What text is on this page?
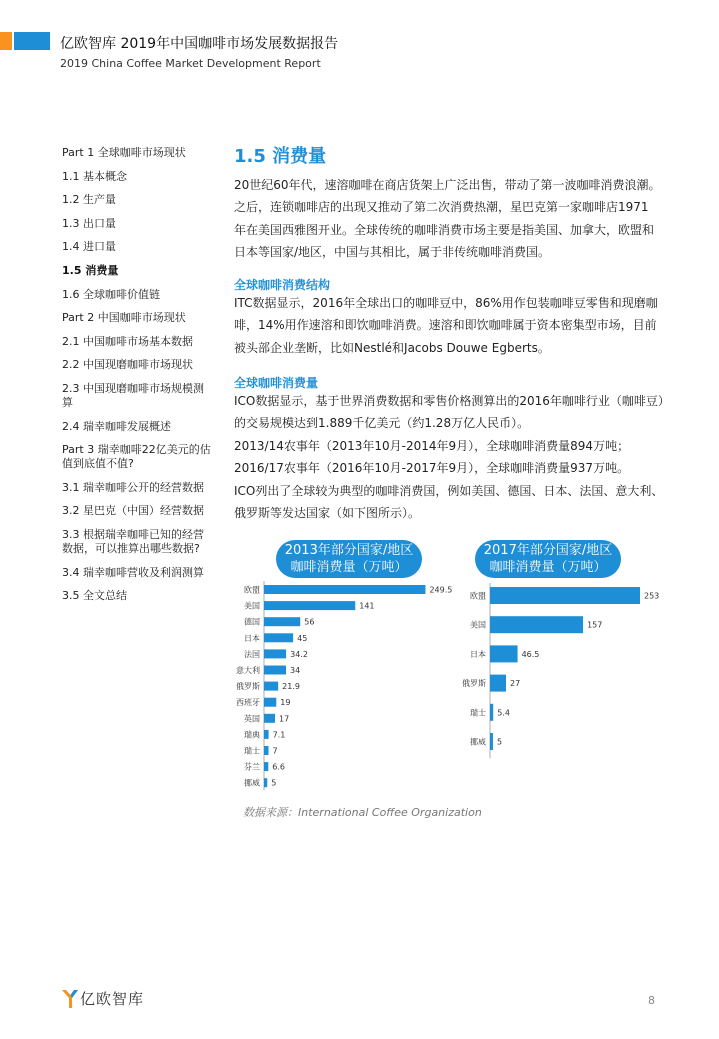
亿欧智库 2019年中国咖啡市场发展数据报告
2019 China Coffee Market Development Report
Part 1 全球咖啡市场现状
1.1 基本概念
1.2 生产量
1.3 出口量
1.4 进口量
1.5 消费量
1.6 全球咖啡价值链
Part 2 中国咖啡市场现状
2.1 中国咖啡市场基本数据
2.2 中国现磨咖啡市场现状
2.3 中国现磨咖啡市场规模测算
2.4 瑞幸咖啡发展概述
Part 3 瑞幸咖啡22亿美元的估值到底值不值?
3.1 瑞幸咖啡公开的经营数据
3.2 星巴克（中国）经营数据
3.3 根据瑞幸咖啡已知的经营数据，可以推算出哪些数据?
3.4 瑞幸咖啡营收及利润测算
3.5 全文总结
1.5 消费量
20世纪60年代，速溶咖啡在商店货架上广泛出售，带动了第一波咖啡消费浪潮。
之后，连锁咖啡店的出现又推动了第二次消费热潮，星巴克第一家咖啡店1971
年在美国西雅图开业。全球传统的咖啡消费市场主要是指美国、加拿大，欧盟和
日本等国家/地区，中国与其相比，属于非传统咖啡消费国。
全球咖啡消费结构
ITC数据显示，2016年全球出口的咖啡豆中，86%用作包装咖啡豆零售和现磨咖
啡，14%用作速溶和即饮咖啡消费。速溶和即饮咖啡属于资本密集型市场，目前
被头部企业垄断，比如Nestlé和Jacobs Douwe Egberts。
全球咖啡消费量
ICO数据显示，基于世界消费数据和零售价格测算出的2016年咖啡行业（咖啡豆）
的交易规模达到1.889千亿美元（约1.28万亿人民币）。
2013/14农事年（2013年10月-2014年9月），全球咖啡消费量894万吨；
2016/17农事年（2016年10月-2017年9月），全球咖啡消费量937万吨。
ICO列出了全球较为典型的咖啡消费国，例如美国、德国、日本、法国、意大利、
俄罗斯等发达国家（如下图所示）。
2013年部分国家/地区
咖啡消费量（万吨）
2017年部分国家/地区
咖啡消费量（万吨）
欧盟	249.5
美国	141
德国	56
日本	45
法国	34.2
意大利	34
俄罗斯	21.9
西班牙	19
英国 17
瑞典 7.1
瑞士 7
芬兰 6.6
挪威 5
欧盟	253
美国	157
日本	46.5
俄罗斯	27
瑞士 5.4
挪威 5
数据来源：International Coffee Organization
亿欧智库	8
